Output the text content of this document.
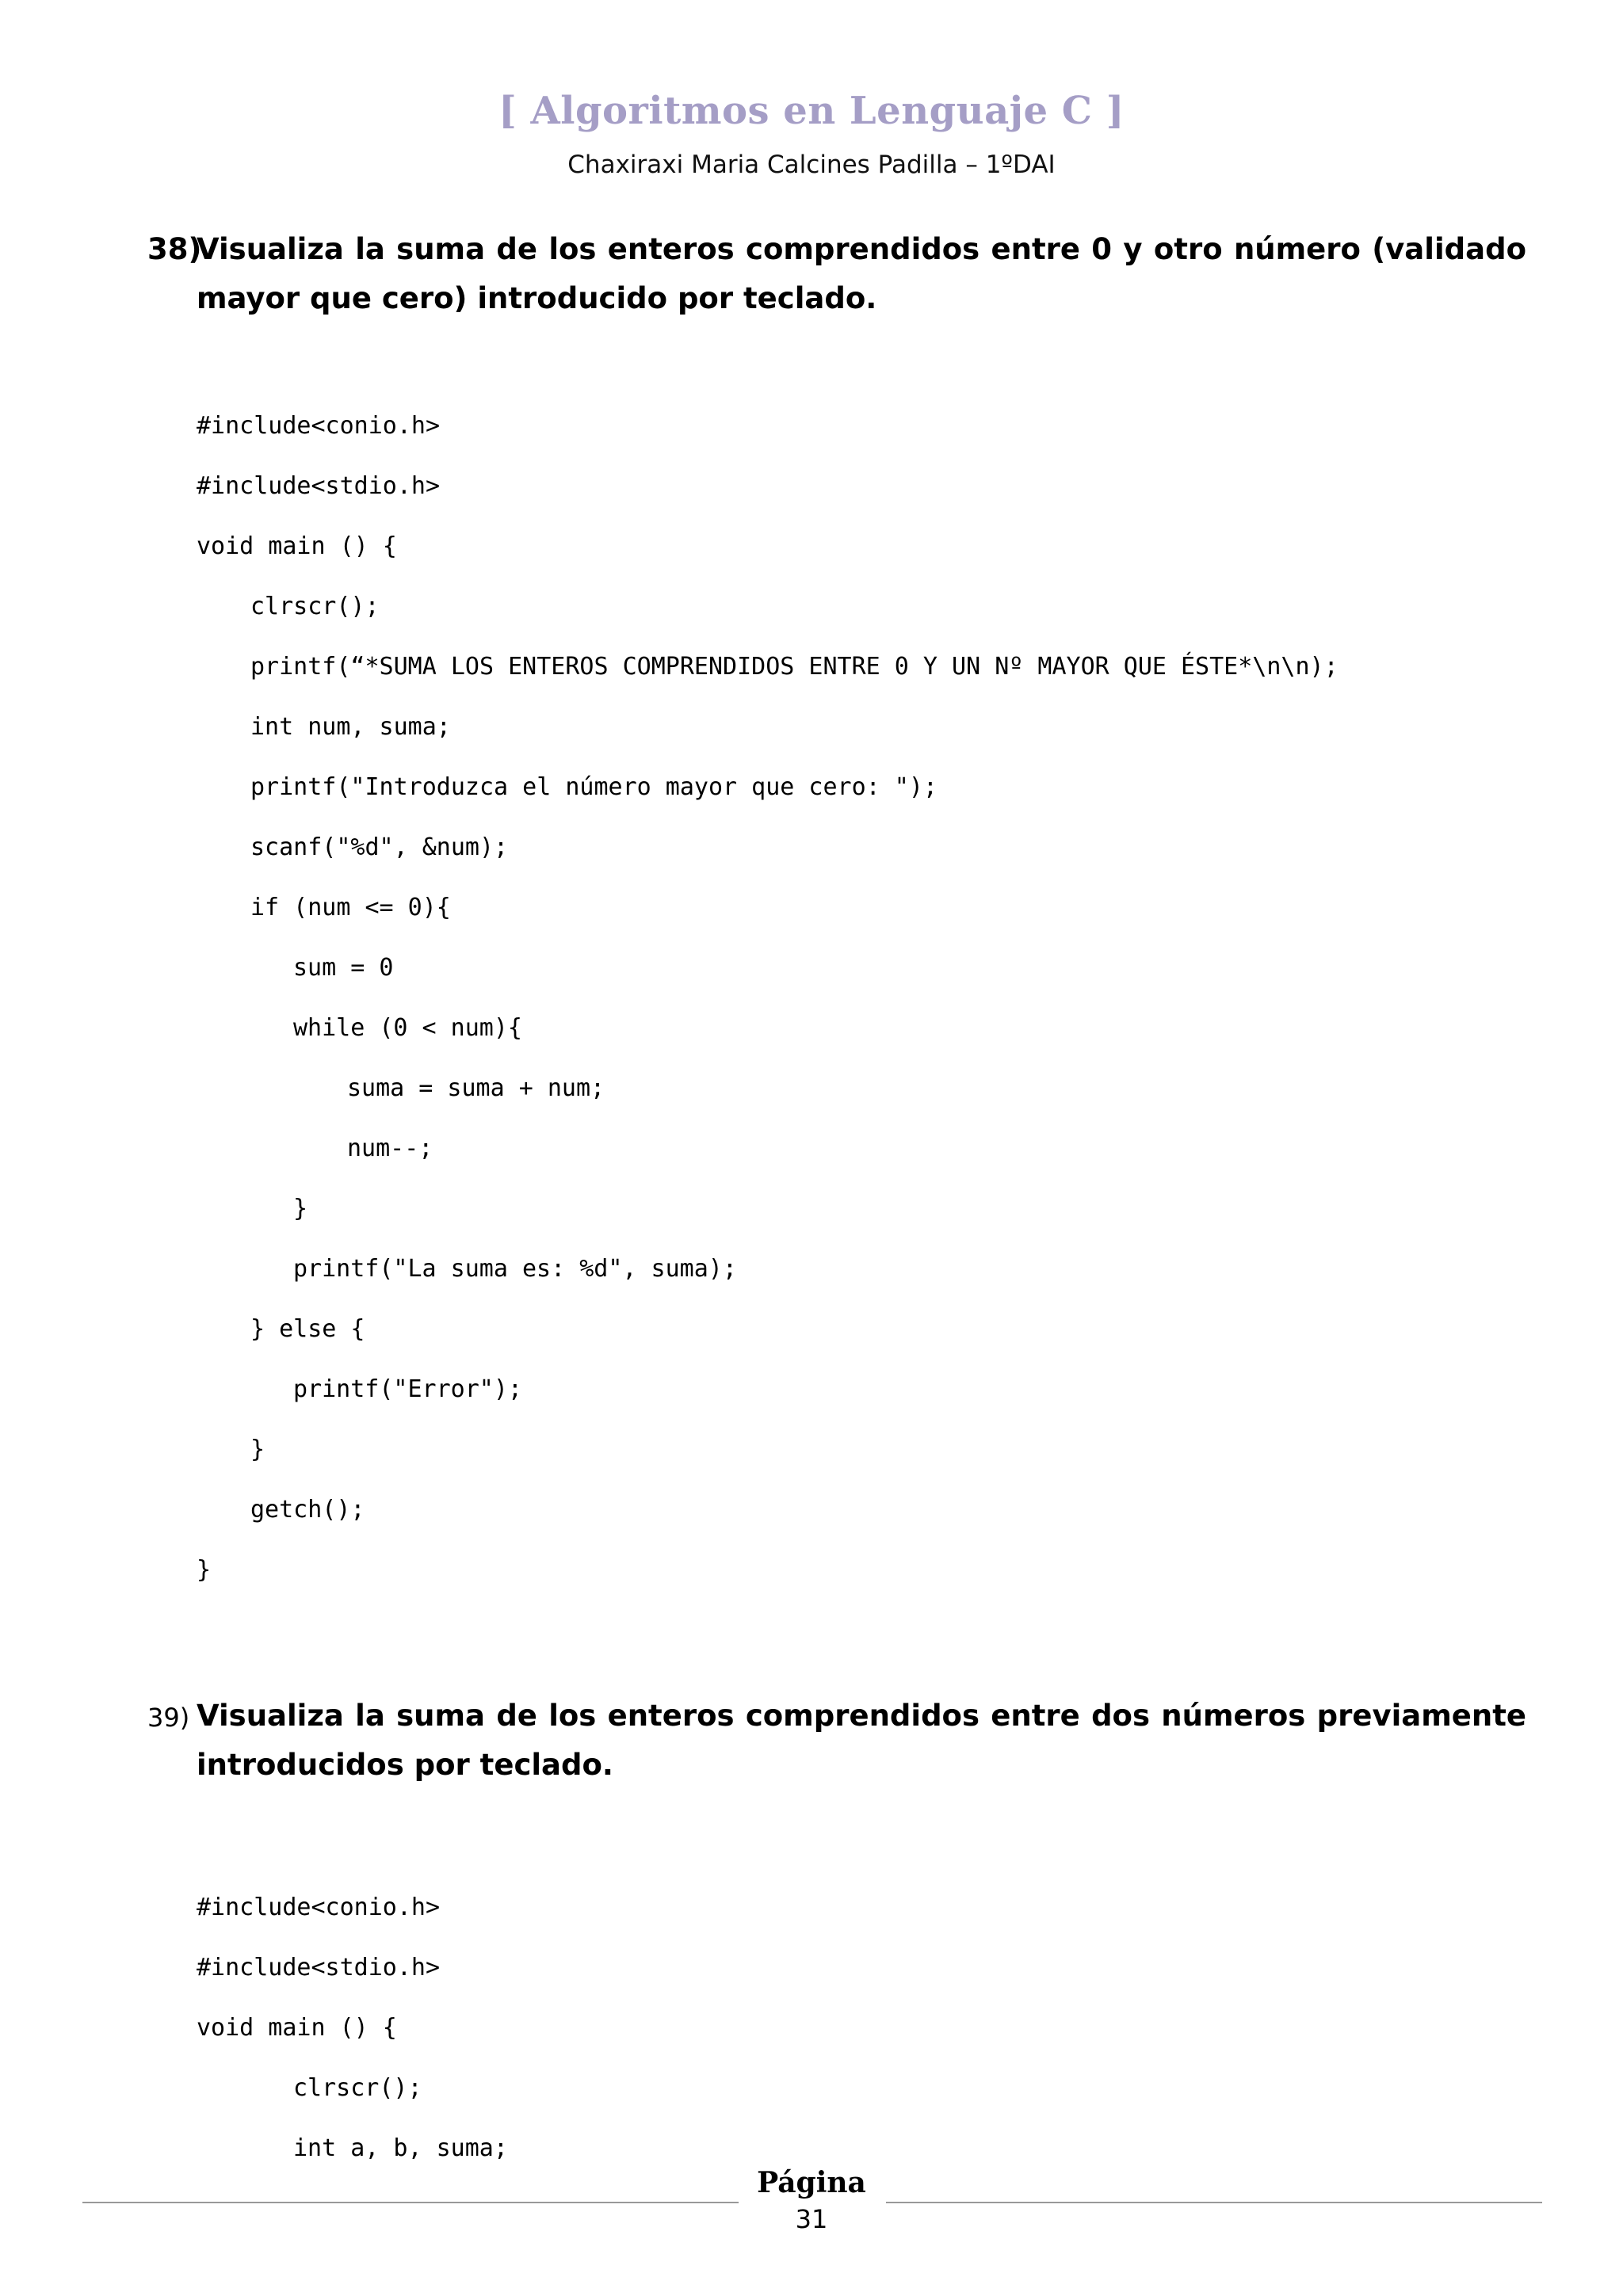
[ Algoritmos en Lenguaje C ]
Chaxiraxi Maria Calcines Padilla – 1ºDAI
38)
Visualiza la suma de los enteros comprendidos entre 0 y otro número (validado mayor que cero) introducido por teclado.
#include<conio.h>
#include<stdio.h>
void main () {
clrscr();
printf(“*SUMA LOS ENTEROS COMPRENDIDOS ENTRE 0 Y UN Nº MAYOR QUE ÉSTE*\n\n);
int num, suma;
printf("Introduzca el número mayor que cero: ");
scanf("%d", &num);
if (num <= 0){
sum = 0
while (0 < num){
suma = suma + num;
num--;
}
printf("La suma es: %d", suma);
} else {
printf("Error");
}
getch();
}
39) Visualiza la suma de los enteros comprendidos entre dos números previamente introducidos por teclado.
#include<conio.h>
#include<stdio.h>
void main () {
clrscr();
int a, b, suma;
Página
31
